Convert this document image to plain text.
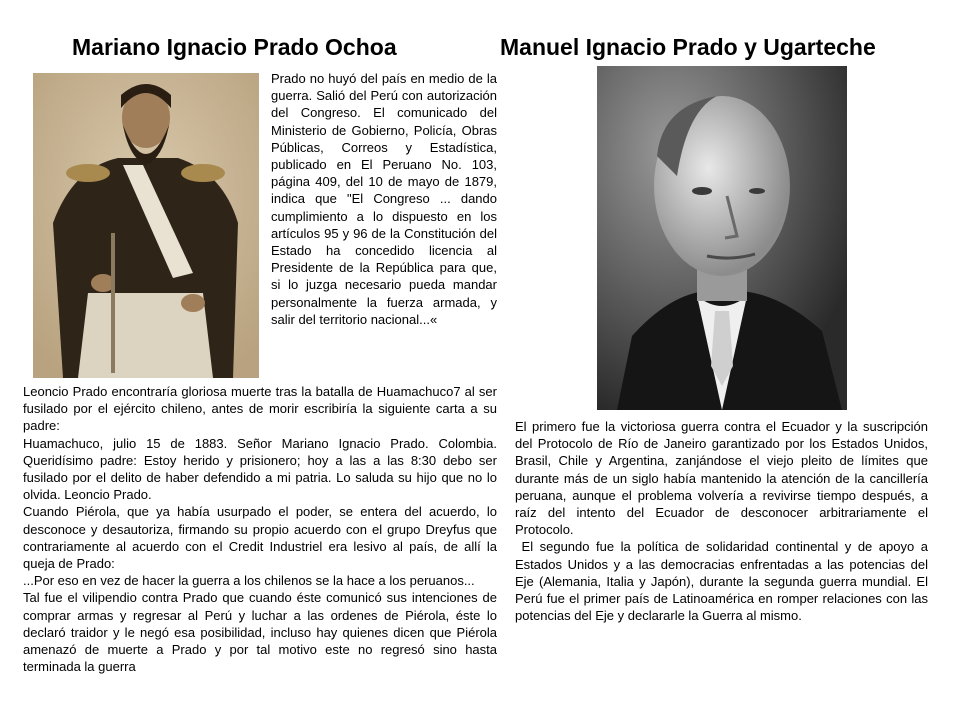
Mariano Ignacio Prado Ochoa	Manuel Ignacio Prado y Ugarteche

Prado no huyó del país en medio de la guerra. Salió del Perú con autorización del Congreso. El comunicado del Ministerio de Gobierno, Policía, Obras Públicas, Correos y Estadística, publicado en El Peruano No. 103, página 409, del 10 de mayo de 1879, indica que "El Congreso ... dando cumplimiento a lo dispuesto en los artículos 95 y 96 de la Constitución del Estado ha concedido licencia al Presidente de la República para que, si lo juzga necesario pueda mandar personalmente la fuerza armada, y salir del territorio nacional...«

Leoncio Prado encontraría gloriosa muerte tras la batalla de Huamachuco7 al ser fusilado por el ejército chileno, antes de morir escribiría la siguiente carta a su padre:

Huamachuco, julio 15 de 1883. Señor Mariano Ignacio Prado. Colombia. Queridísimo padre: Estoy herido y prisionero; hoy a las a las 8:30 debo ser fusilado por el delito de haber defendido a mi patria. Lo saluda su hijo que no lo olvida. Leoncio Prado.

Cuando Piérola, que ya había usurpado el poder, se entera del acuerdo, lo desconoce y desautoriza, firmando su propio acuerdo con el grupo Dreyfus que contrariamente al acuerdo con el Credit Industriel era lesivo al país, de allí la queja de Prado:

...Por eso en vez de hacer la guerra a los chilenos se la hace a los peruanos...

Tal fue el vilipendio contra Prado que cuando éste comunicó sus intenciones de comprar armas y regresar al Perú y luchar a las ordenes de Piérola, éste lo declaró traidor y le negó esa posibilidad, incluso hay quienes dicen que Piérola amenazó de muerte a Prado y por tal motivo este no regresó sino hasta terminada la guerra

El primero fue la victoriosa guerra contra el Ecuador y la suscripción del Protocolo de Río de Janeiro garantizado por los Estados Unidos, Brasil, Chile y Argentina, zanjándose el viejo pleito de límites que durante más de un siglo había mantenido la atención de la cancillería peruana, aunque el problema volvería a revivirse tiempo después, a raíz del intento del Ecuador de desconocer arbitrariamente el Protocolo.

El segundo fue la política de solidaridad continental y de apoyo a Estados Unidos y a las democracias enfrentadas a las potencias del Eje (Alemania, Italia y Japón), durante la segunda guerra mundial. El Perú fue el primer país de Latinoamérica en romper relaciones con las potencias del Eje y declararle la Guerra al mismo.
